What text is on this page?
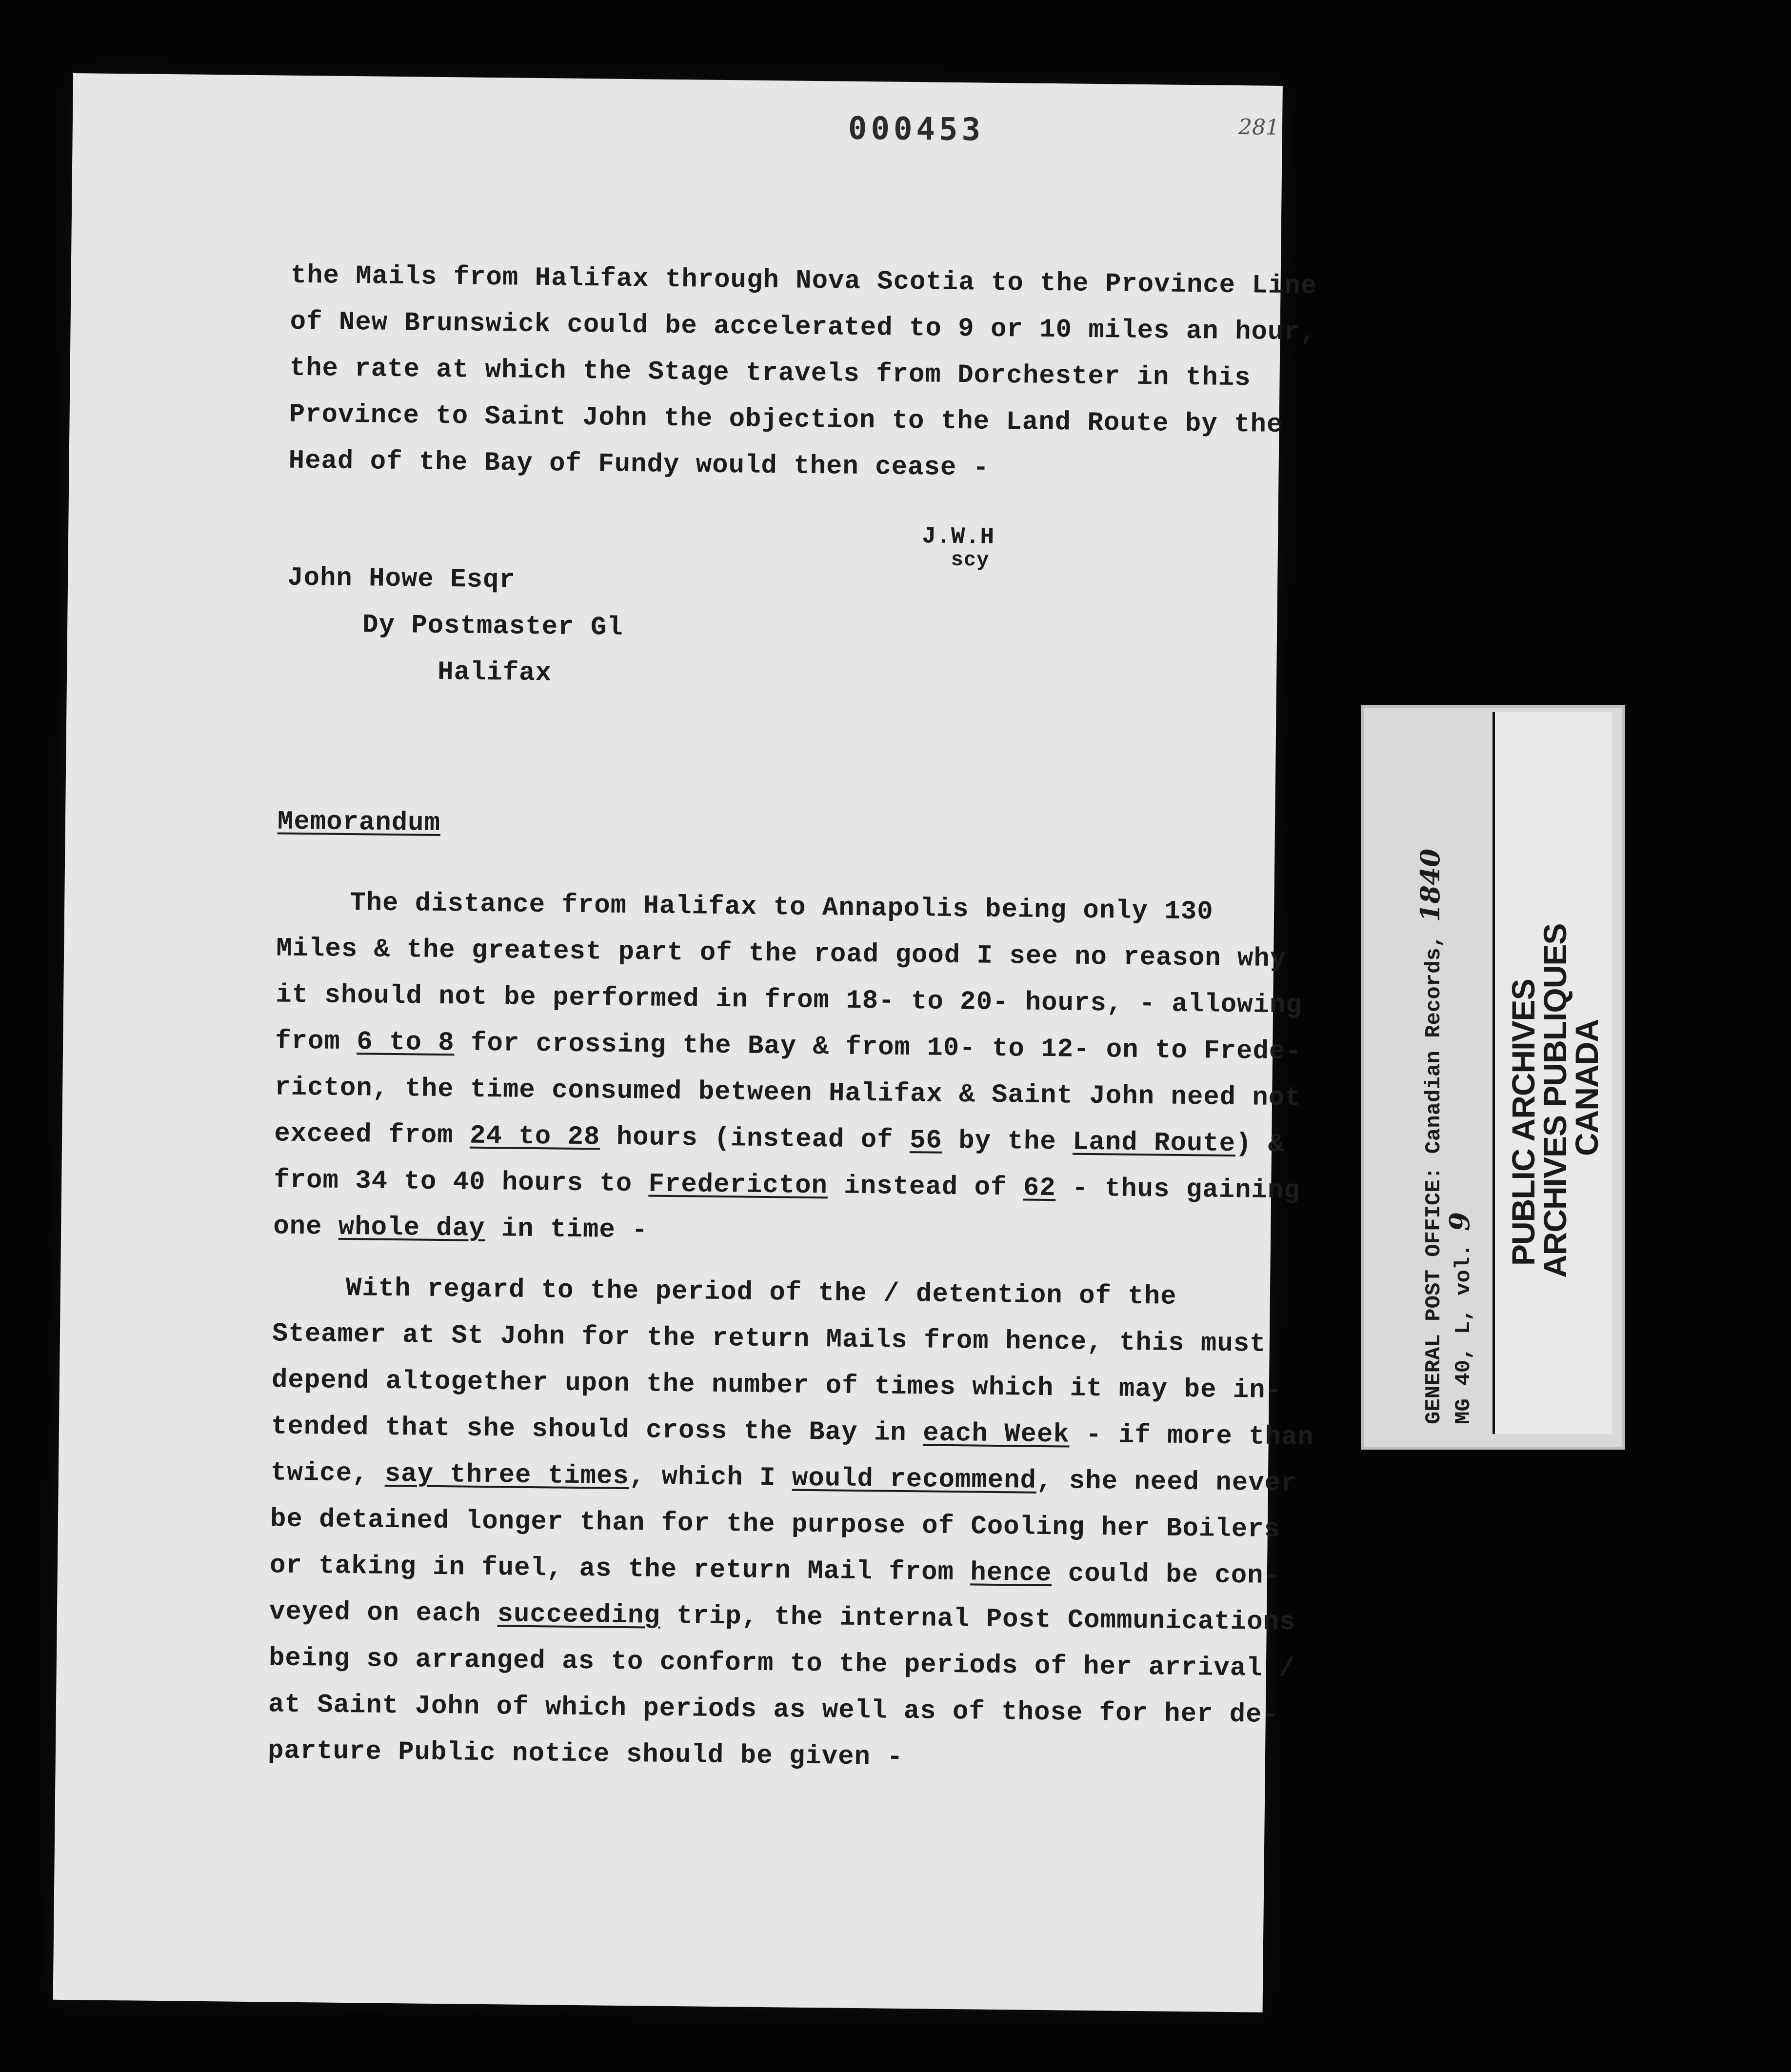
000453	281
the Mails from Halifax through Nova Scotia to the Province Line
of New Brunswick could be accelerated to 9 or 10 miles an hour,
the rate at which the Stage travels from Dorchester in this
Province to Saint John the objection to the Land Route by the
Head of the Bay of Fundy would then cease -
J.W.H
scy
John Howe Esqr
Dy Postmaster Gl
Halifax
Memorandum
The distance from Halifax to Annapolis being only 130
Miles & the greatest part of the road good I see no reason why
it should not be performed in from 18- to 20- hours, - allowing
from 6 to 8 for crossing the Bay & from 10- to 12- on to Frede-
ricton, the time consumed between Halifax & Saint John need not
exceed from 24 to 28 hours (instead of 56 by the Land Route) &
from 34 to 40 hours to Fredericton instead of 62 - thus gaining
one whole day in time -
With regard to the period of the / detention of the
Steamer at St John for the return Mails from hence, this must
depend altogether upon the number of times which it may be in-
tended that she should cross the Bay in each Week - if more than
twice, say three times, which I would recommend, she need never
be detained longer than for the purpose of Cooling her Boilers
or taking in fuel, as the return Mail from hence could be con-
veyed on each succeeding trip, the internal Post Communications
being so arranged as to conform to the periods of her arrival /
at Saint John of which periods as well as of those for her de-
parture Public notice should be given -
GENERAL POST OFFICE: Canadian Records, 1840
MG 40, L, vol. 9 PUBLIC ARCHIVES
ARCHIVES PUBLIQUES
CANADA
